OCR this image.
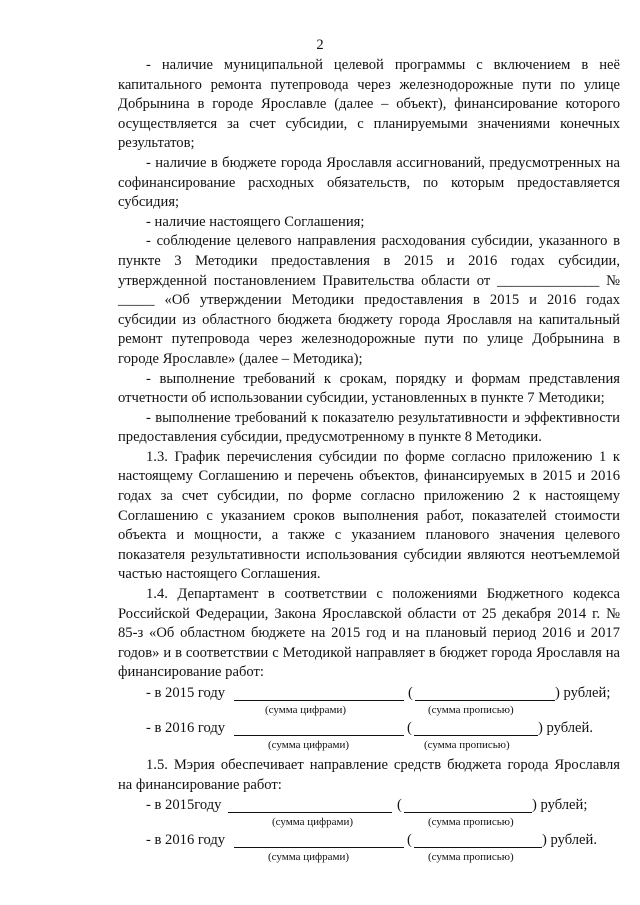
2

- наличие муниципальной целевой программы с включением в неё капитального ремонта путепровода через железнодорожные пути по улице Добрынина в городе Ярославле (далее – объект), финансирование которого осуществляется за счет субсидии, с планируемыми значениями конечных результатов;

- наличие в бюджете города Ярославля ассигнований, предусмотренных на софинансирование расходных обязательств, по которым предоставляется субсидия;

- наличие настоящего Соглашения;

- соблюдение целевого направления расходования субсидии, указанного в пункте 3 Методики предоставления в 2015 и 2016 годах субсидии, утвержденной постановлением Правительства области от ______________ № _____ «Об утверждении Методики предоставления в 2015 и 2016 годах субсидии из областного бюджета бюджету города Ярославля на капитальный ремонт путепровода через железнодорожные пути по улице Добрынина в городе Ярославле» (далее – Методика);

- выполнение требований к срокам, порядку и формам представления отчетности об использовании субсидии, установленных в пункте 7 Методики;

- выполнение требований к показателю результативности и эффективности предоставления субсидии, предусмотренному в пункте 8 Методики.

1.3. График перечисления субсидии по форме согласно приложению 1 к настоящему Соглашению и перечень объектов, финансируемых в 2015 и 2016 годах за счет субсидии, по форме согласно приложению 2 к настоящему Соглашению с указанием сроков выполнения работ, показателей стоимости объекта и мощности, а также с указанием планового значения целевого показателя результативности использования субсидии являются неотъемлемой частью настоящего Соглашения.

1.4. Департамент в соответствии с положениями Бюджетного кодекса Российской Федерации, Закона Ярославской области от 25 декабря 2014 г. № 85-з «Об областном бюджете на 2015 год и на плановый период 2016 и 2017 годов» и в соответствии с Методикой направляет в бюджет города Ярославля на финансирование работ:

- в 2015 году	(	) рублей;
(сумма цифрами)	(сумма прописью)
- в 2016 году	(	) рублей.
(сумма цифрами)	(сумма прописью)

1.5. Мэрия обеспечивает направление средств бюджета города Ярославля на финансирование работ:

- в 2015году	(	) рублей;
(сумма цифрами)	(сумма прописью)
- в 2016 году	(	) рублей.
(сумма цифрами)	(сумма прописью)
